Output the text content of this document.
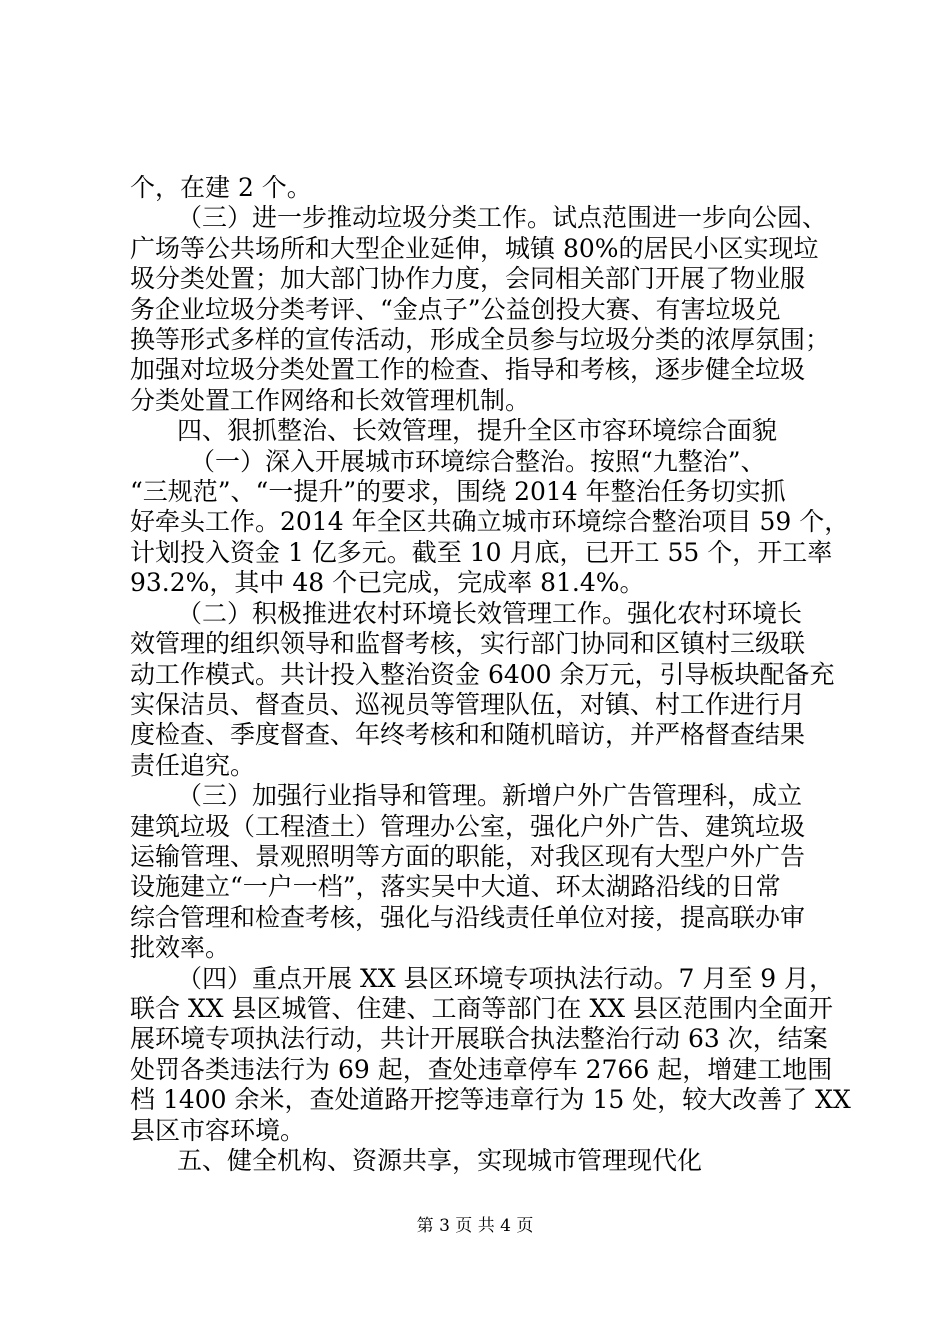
个，在建 2 个。
（三）进一步推动垃圾分类工作。试点范围进一步向公园、
广场等公共场所和大型企业延伸，城镇 80%的居民小区实现垃
圾分类处置；加大部门协作力度，会同相关部门开展了物业服
务企业垃圾分类考评、“金点子”公益创投大赛、有害垃圾兑
换等形式多样的宣传活动，形成全员参与垃圾分类的浓厚氛围；
加强对垃圾分类处置工作的检查、指导和考核，逐步健全垃圾
分类处置工作网络和长效管理机制。
四、狠抓整治、长效管理，提升全区市容环境综合面貌
（一）深入开展城市环境综合整治。按照“九整治”、
“三规范”、“一提升”的要求，围绕 2014 年整治任务切实抓
好牵头工作。2014 年全区共确立城市环境综合整治项目 59 个，
计划投入资金 1 亿多元。截至 10 月底，已开工 55 个，开工率
93.2%，其中 48 个已完成，完成率 81.4%。
（二）积极推进农村环境长效管理工作。强化农村环境长
效管理的组织领导和监督考核，实行部门协同和区镇村三级联
动工作模式。共计投入整治资金 6400 余万元，引导板块配备充
实保洁员、督查员、巡视员等管理队伍，对镇、村工作进行月
度检查、季度督查、年终考核和和随机暗访，并严格督查结果
责任追究。
（三）加强行业指导和管理。新增户外广告管理科，成立
建筑垃圾（工程渣土）管理办公室，强化户外广告、建筑垃圾
运输管理、景观照明等方面的职能，对我区现有大型户外广告
设施建立“一户一档”，落实吴中大道、环太湖路沿线的日常
综合管理和检查考核，强化与沿线责任单位对接，提高联办审
批效率。
（四）重点开展 XX 县区环境专项执法行动。7 月至 9 月，
联合 XX 县区城管、住建、工商等部门在 XX 县区范围内全面开
展环境专项执法行动，共计开展联合执法整治行动 63 次，结案
处罚各类违法行为 69 起，查处违章停车 2766 起，增建工地围
档 1400 余米，查处道路开挖等违章行为 15 处，较大改善了 XX
县区市容环境。
五、健全机构、资源共享，实现城市管理现代化
第 3 页 共 4 页
